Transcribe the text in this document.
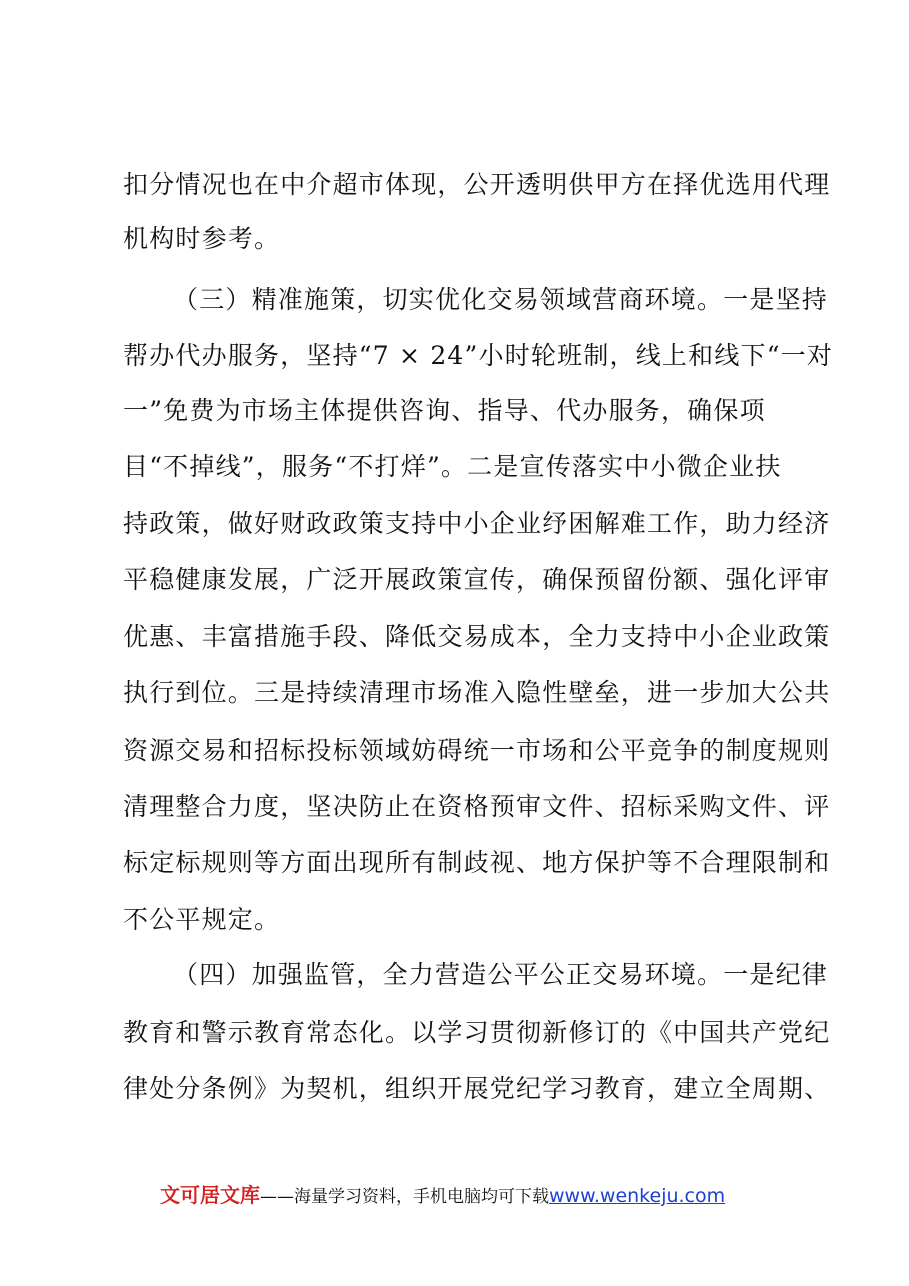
扣分情况也在中介超市体现，公开透明供甲方在择优选用代理
机构时参考。
（三）精准施策，切实优化交易领域营商环境。一是坚持
帮办代办服务，坚持“7 × 24”小时轮班制，线上和线下“一对
一”免费为市场主体提供咨询、指导、代办服务，确保项
目“不掉线”，服务“不打烊”。二是宣传落实中小微企业扶
持政策，做好财政政策支持中小企业纾困解难工作，助力经济
平稳健康发展，广泛开展政策宣传，确保预留份额、强化评审
优惠、丰富措施手段、降低交易成本，全力支持中小企业政策
执行到位。三是持续清理市场准入隐性壁垒，进一步加大公共
资源交易和招标投标领域妨碍统一市场和公平竞争的制度规则
清理整合力度，坚决防止在资格预审文件、招标采购文件、评
标定标规则等方面出现所有制歧视、地方保护等不合理限制和
不公平规定。
（四）加强监管，全力营造公平公正交易环境。一是纪律
教育和警示教育常态化。以学习贯彻新修订的《中国共产党纪
律处分条例》为契机，组织开展党纪学习教育，建立全周期、
文可居文库——海量学习资料，手机电脑均可下载www.wenkeju.com
